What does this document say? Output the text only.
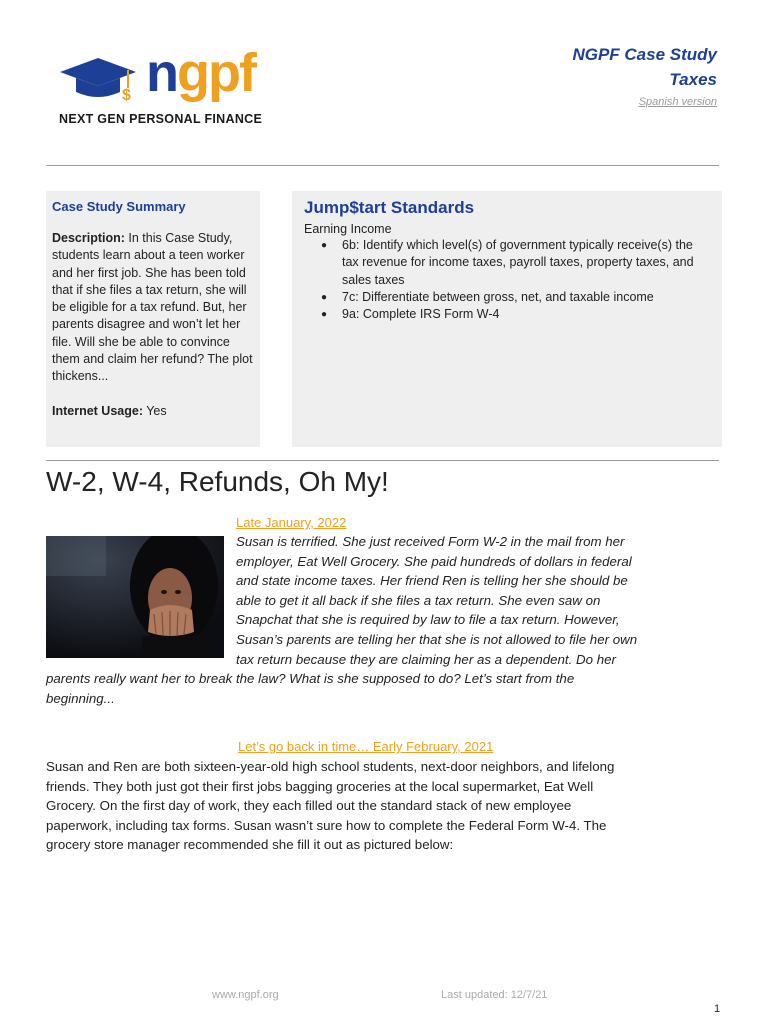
$ ngpf
NEXT GEN PERSONAL FINANCE
NGPF Case Study
Taxes
Spanish version
Case Study Summary

Description: In this Case Study, students learn about a teen worker and her first job. She has been told that if she files a tax return, she will be eligible for a tax refund. But, her parents disagree and won’t let her file. Will she be able to convince them and claim her refund? The plot thickens...

Internet Usage: Yes

Jump$tart Standards
Earning Income
● 6b: Identify which level(s) of government typically receive(s) the tax revenue for income taxes, payroll taxes, property taxes, and sales taxes
● 7c: Differentiate between gross, net, and taxable income
● 9a: Complete IRS Form W-4
W-2, W-4, Refunds, Oh My!
Late January, 2022
Susan is terrified. She just received Form W-2 in the mail from her
employer, Eat Well Grocery. She paid hundreds of dollars in federal
and state income taxes. Her friend Ren is telling her she should be
able to get it all back if she files a tax return. She even saw on
Snapchat that she is required by law to file a tax return. However,
Susan’s parents are telling her that she is not allowed to file her own
tax return because they are claiming her as a dependent. Do her
parents really want her to break the law? What is she supposed to do? Let’s start from the
beginning...
Let’s go back in time… Early February, 2021
Susan and Ren are both sixteen-year-old high school students, next-door neighbors, and lifelong
friends. They both just got their first jobs bagging groceries at the local supermarket, Eat Well
Grocery. On the first day of work, they each filled out the standard stack of new employee
paperwork, including tax forms. Susan wasn’t sure how to complete the Federal Form W-4. The
grocery store manager recommended she fill it out as pictured below:
www.ngpf.org	Last updated: 12/7/21
1
